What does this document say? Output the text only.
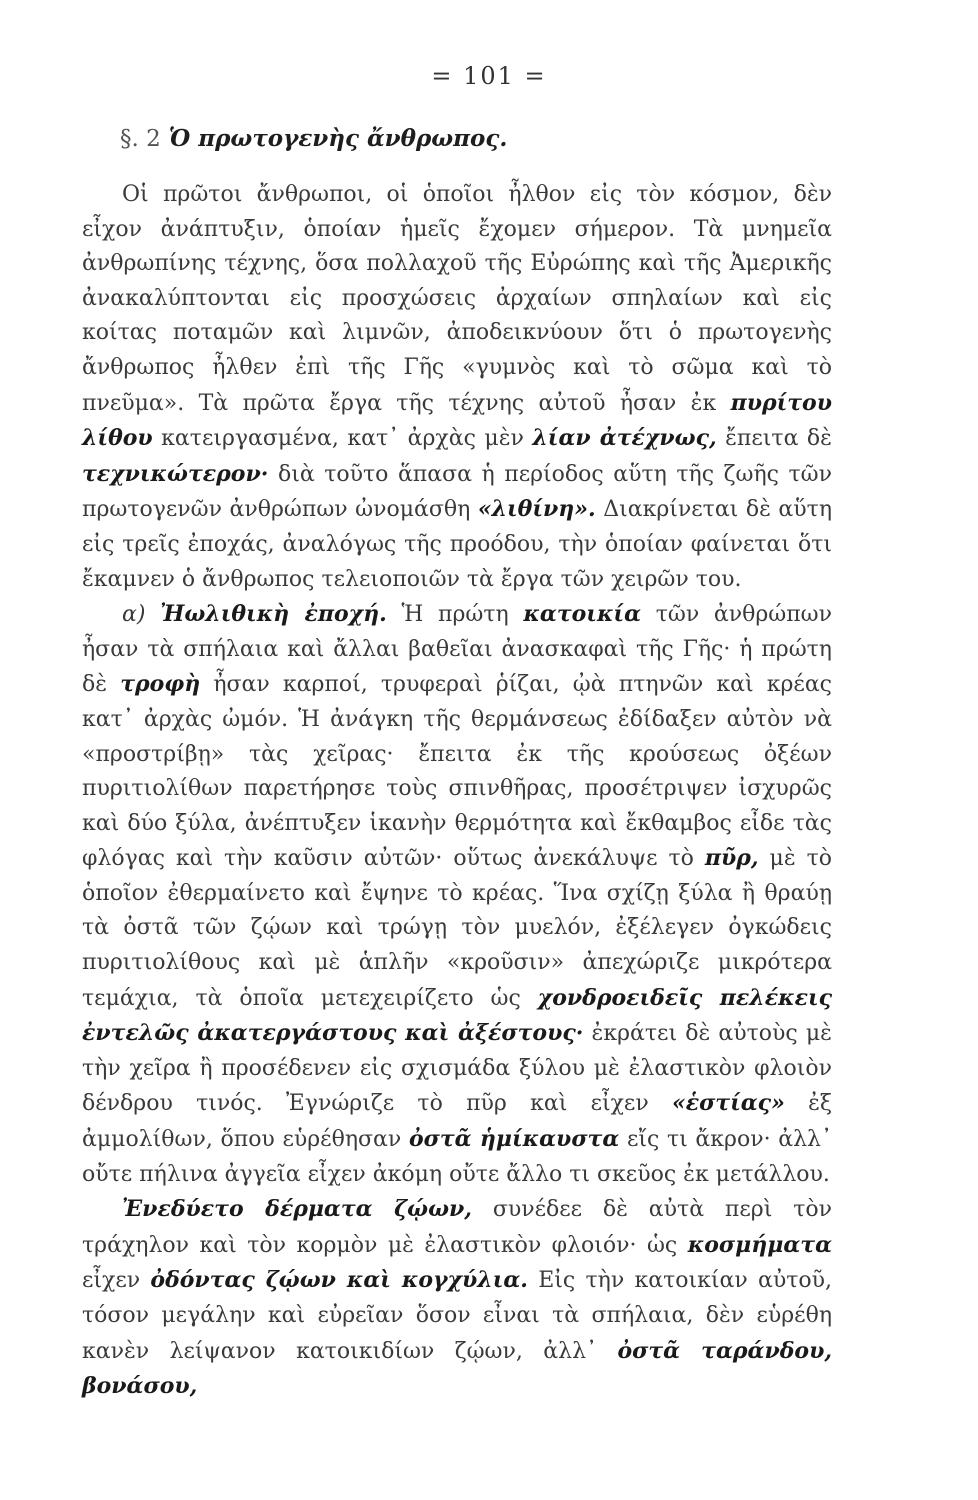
= 101 =
§. 2 Ὁ πρωτογενὴς ἄνθρωπος.

Οἱ πρῶτοι ἄνθρωποι, οἱ ὁποῖοι ἦλθον εἰς τὸν κόσμον, δὲν εἶχον ἀνάπτυξιν, ὁποίαν ἡμεῖς ἔχομεν σήμερον. Τὰ μνημεῖα ἀνθρωπίνης τέχνης, ὅσα πολλαχοῦ τῆς Εὐρώπης καὶ τῆς Ἀμερικῆς ἀνακαλύπτονται εἰς προσχώσεις ἀρχαίων σπηλαίων καὶ εἰς κοίτας ποταμῶν καὶ λιμνῶν, ἀποδεικνύουν ὅτι ὁ πρωτογενὴς ἄνθρωπος ἦλθεν ἐπὶ τῆς Γῆς «γυμνὸς καὶ τὸ σῶμα καὶ τὸ πνεῦμα». Τὰ πρῶτα ἔργα τῆς τέχνης αὐτοῦ ἦσαν ἐκ πυρίτου λίθου κατειργασμένα, κατ᾽ ἀρχὰς μὲν λίαν ἀτέχνως, ἔπειτα δὲ τεχνικώτερον· διὰ τοῦτο ἅπασα ἡ περίοδος αὕτη τῆς ζωῆς τῶν πρωτογενῶν ἀνθρώπων ὠνομάσθη «λιθίνη». Διακρίνεται δὲ αὕτη εἰς τρεῖς ἐποχάς, ἀναλόγως τῆς προόδου, τὴν ὁποίαν φαίνεται ὅτι ἔκαμνεν ὁ ἄνθρωπος τελειοποιῶν τὰ ἔργα τῶν χειρῶν του.

α) Ἠωλιθικὴ ἐποχή. Ἡ πρώτη κατοικία τῶν ἀνθρώπων ἦσαν τὰ σπήλαια καὶ ἄλλαι βαθεῖαι ἀνασκαφαὶ τῆς Γῆς· ἡ πρώτη δὲ τροφὴ ἦσαν καρποί, τρυφεραὶ ῥίζαι, ᾠὰ πτηνῶν καὶ κρέας κατ᾽ ἀρχὰς ὠμόν. Ἡ ἀνάγκη τῆς θερμάνσεως ἐδίδαξεν αὐτὸν νὰ «προστρίβῃ» τὰς χεῖρας· ἔπειτα ἐκ τῆς κρούσεως ὀξέων πυριτιολίθων παρετήρησε τοὺς σπινθῆρας, προσέτριψεν ἰσχυρῶς καὶ δύο ξύλα, ἀνέπτυξεν ἱκανὴν θερμότητα καὶ ἔκθαμβος εἶδε τὰς φλόγας καὶ τὴν καῦσιν αὐτῶν· οὕτως ἀνεκάλυψε τὸ πῦρ, μὲ τὸ ὁποῖον ἐθερμαίνετο καὶ ἔψηνε τὸ κρέας. Ἵνα σχίζῃ ξύλα ἢ θραύῃ τὰ ὀστᾶ τῶν ζῴων καὶ τρώγῃ τὸν μυελόν, ἐξέλεγεν ὀγκώδεις πυριτιολίθους καὶ μὲ ἁπλῆν «κροῦσιν» ἀπεχώριζε μικρότερα τεμάχια, τὰ ὁποῖα μετεχειρίζετο ὡς χονδροειδεῖς πελέκεις ἐντελῶς ἀκατεργάστους καὶ ἀξέστους· ἐκράτει δὲ αὐτοὺς μὲ τὴν χεῖρα ἢ προσέδενεν εἰς σχισμάδα ξύλου μὲ ἐλαστικὸν φλοιὸν δένδρου τινός. Ἐγνώριζε τὸ πῦρ καὶ εἶχεν «ἑστίας» ἐξ ἀμμολίθων, ὅπου εὑρέθησαν ὀστᾶ ἡμίκαυστα εἴς τι ἄκρον· ἀλλ᾽ οὔτε πήλινα ἀγγεῖα εἶχεν ἀκόμη οὔτε ἄλλο τι σκεῦος ἐκ μετάλλου.

Ἐνεδύετο δέρματα ζῴων, συνέδεε δὲ αὐτὰ περὶ τὸν τράχηλον καὶ τὸν κορμὸν μὲ ἐλαστικὸν φλοιόν· ὡς κοσμήματα εἶχεν ὀδόντας ζῴων καὶ κογχύλια. Εἰς τὴν κατοικίαν αὐτοῦ, τόσον μεγάλην καὶ εὐρεῖαν ὅσον εἶναι τὰ σπήλαια, δὲν εὑρέθη κανὲν λείψανον κατοικιδίων ζῴων, ἀλλ᾽ ὀστᾶ ταράνδου, βονάσου,
